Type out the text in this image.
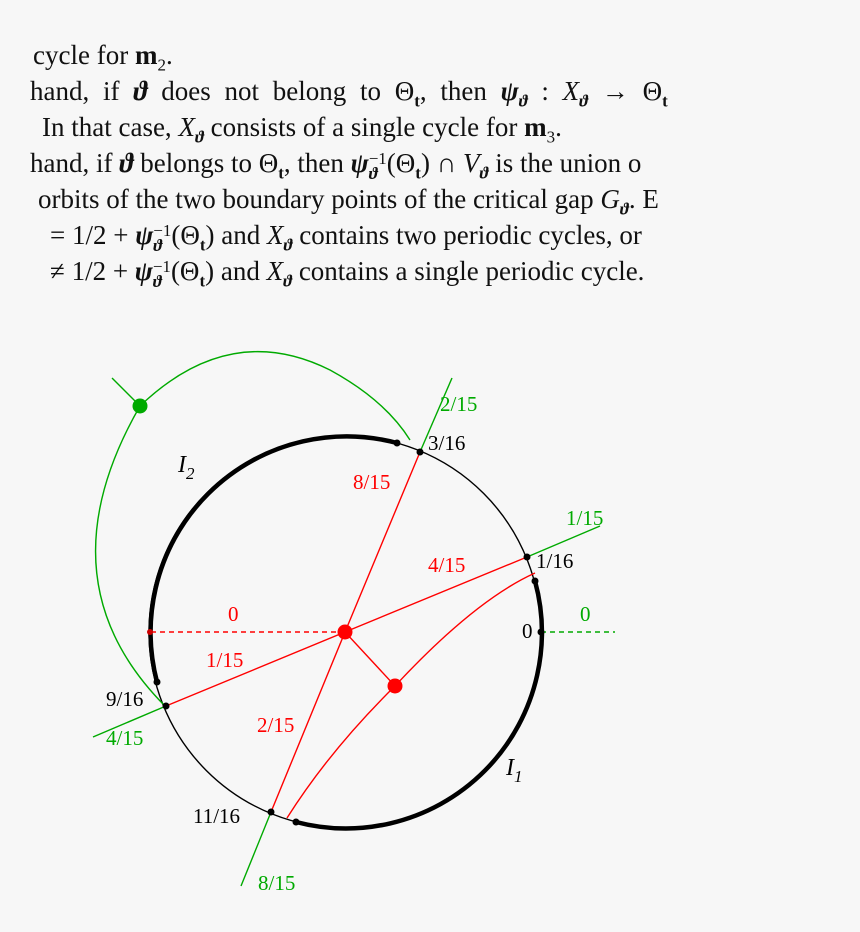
cycle for $m_2$.
hand, if ϑ does not belong to $\Theta_t$, then $\psi_ϑ$ : $X_ϑ \to \Theta_t$
In that case, $X_ϑ$ consists of a single cycle for $m_3$.
hand, if ϑ belongs to $\Theta_t$, then ψ −1
ϑ $(\Theta_t)$ ∩ $V_ϑ$ is the union o
orbits of the two boundary points of the critical gap $G_ϑ$. E
= 1/2 + ψ −1
ϑ $(\Theta_t)$ and $X_ϑ$ contains two periodic cycles, or
≠ 1/2 + ψ −1
ϑ $(\Theta_t)$ and $X_ϑ$ contains a single periodic cycle.
3/16
1/16
0
9/16
11/16
$I_2$
$I_1$
8/15
4/15
0
1/15
2/15
2/15
1/15
0
4/15
8/15
